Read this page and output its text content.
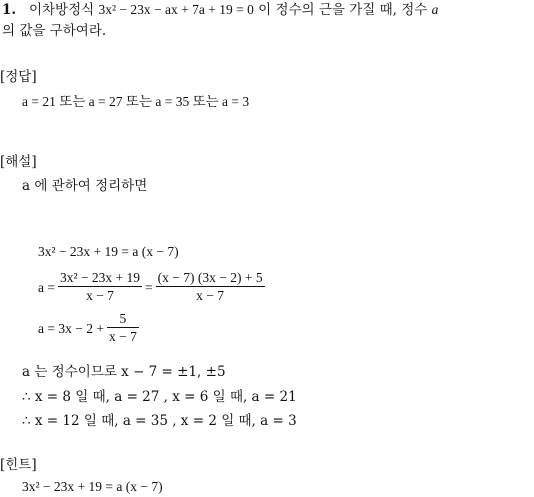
1. 이차방정식 3x² − 23x − ax + 7a + 19 = 0 이 정수의 근을 가질 때, 정수 a
의 값을 구하여라.
[정답]
a = 21 또는 a = 27 또는 a = 35 또는 a = 3
[해설]
a 에 관하여 정리하면
3x² − 23x + 19 = a (x − 7)
$a = \frac{\text{3x² − 23x + 19}}{x - 7} = \frac{(x - 7) (3x - 2) + 5}{x - 7}$
$a = 3x - 2 + \frac{5}{x - 7}$
a 는 정수이므로 x − 7 = ±1, ±5
∴ x = 8 일 때, a = 27 , x = 6 일 때, a = 21
∴ x = 12 일 때, a = 35 , x = 2 일 때, a = 3
[힌트]
3x² − 23x + 19 = a (x − 7)
